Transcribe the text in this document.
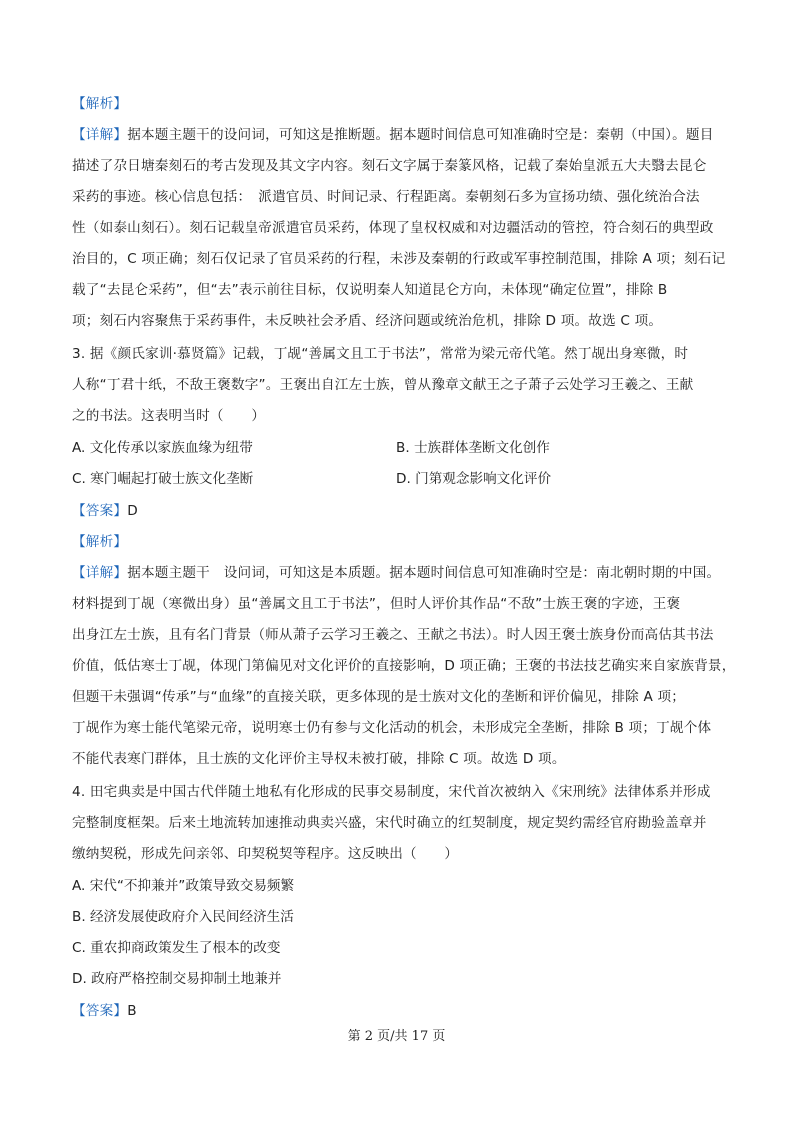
【解析】
【详解】据本题主题干的设问词，可知这是推断题。据本题时间信息可知准确时空是：秦朝（中国）。题目
描述了尕日塘秦刻石的考古发现及其文字内容。刻石文字属于秦篆风格，记载了秦始皇派五大夫翳去昆仑
采药的事迹。核心信息包括：　派遣官员、时间记录、行程距离。秦朝刻石多为宣扬功绩、强化统治合法
性（如泰山刻石）。刻石记载皇帝派遣官员采药，体现了皇权权威和对边疆活动的管控，符合刻石的典型政
治目的，C 项正确；刻石仅记录了官员采药的行程，未涉及秦朝的行政或军事控制范围，排除 A 项；刻石记
载了“去昆仑采药”，但“去”表示前往目标，仅说明秦人知道昆仑方向，未体现“确定位置”，排除 B
项；刻石内容聚焦于采药事件，未反映社会矛盾、经济问题或统治危机，排除 D 项。故选 C 项。
3. 据《颜氏家训·慕贤篇》记载，丁觇“善属文且工于书法”，常常为梁元帝代笔。然丁觇出身寒微，时
人称“丁君十纸，不敌王褒数字”。王褒出自江左士族，曾从豫章文献王之子萧子云处学习王羲之、王献
之的书法。这表明当时（　　）
A. 文化传承以家族血缘为纽带	B. 士族群体垄断文化创作
C. 寒门崛起打破士族文化垄断	D. 门第观念影响文化评价
【答案】D
【解析】
【详解】据本题主题干　设问词，可知这是本质题。据本题时间信息可知准确时空是：南北朝时期的中国。
材料提到丁觇（寒微出身）虽“善属文且工于书法”，但时人评价其作品“不敌”士族王褒的字迹，王褒
出身江左士族，且有名门背景（师从萧子云学习王羲之、王献之书法）。时人因王褒士族身份而高估其书法
价值，低估寒士丁觇，体现门第偏见对文化评价的直接影响，D 项正确；王褒的书法技艺确实来自家族背景，
但题干未强调“传承”与“血缘”的直接关联，更多体现的是士族对文化的垄断和评价偏见，排除 A 项；
丁觇作为寒士能代笔梁元帝，说明寒士仍有参与文化活动的机会，未形成完全垄断，排除 B 项；丁觇个体
不能代表寒门群体，且士族的文化评价主导权未被打破，排除 C 项。故选 D 项。
4. 田宅典卖是中国古代伴随土地私有化形成的民事交易制度，宋代首次被纳入《宋刑统》法律体系并形成
完整制度框架。后来土地流转加速推动典卖兴盛，宋代时确立的红契制度，规定契约需经官府勘验盖章并
缴纳契税，形成先问亲邻、印契税契等程序。这反映出（　　）
A. 宋代“不抑兼并”政策导致交易频繁
B. 经济发展使政府介入民间经济生活
C. 重农抑商政策发生了根本的改变
D. 政府严格控制交易抑制土地兼并
【答案】B
第 2 页/共 17 页
